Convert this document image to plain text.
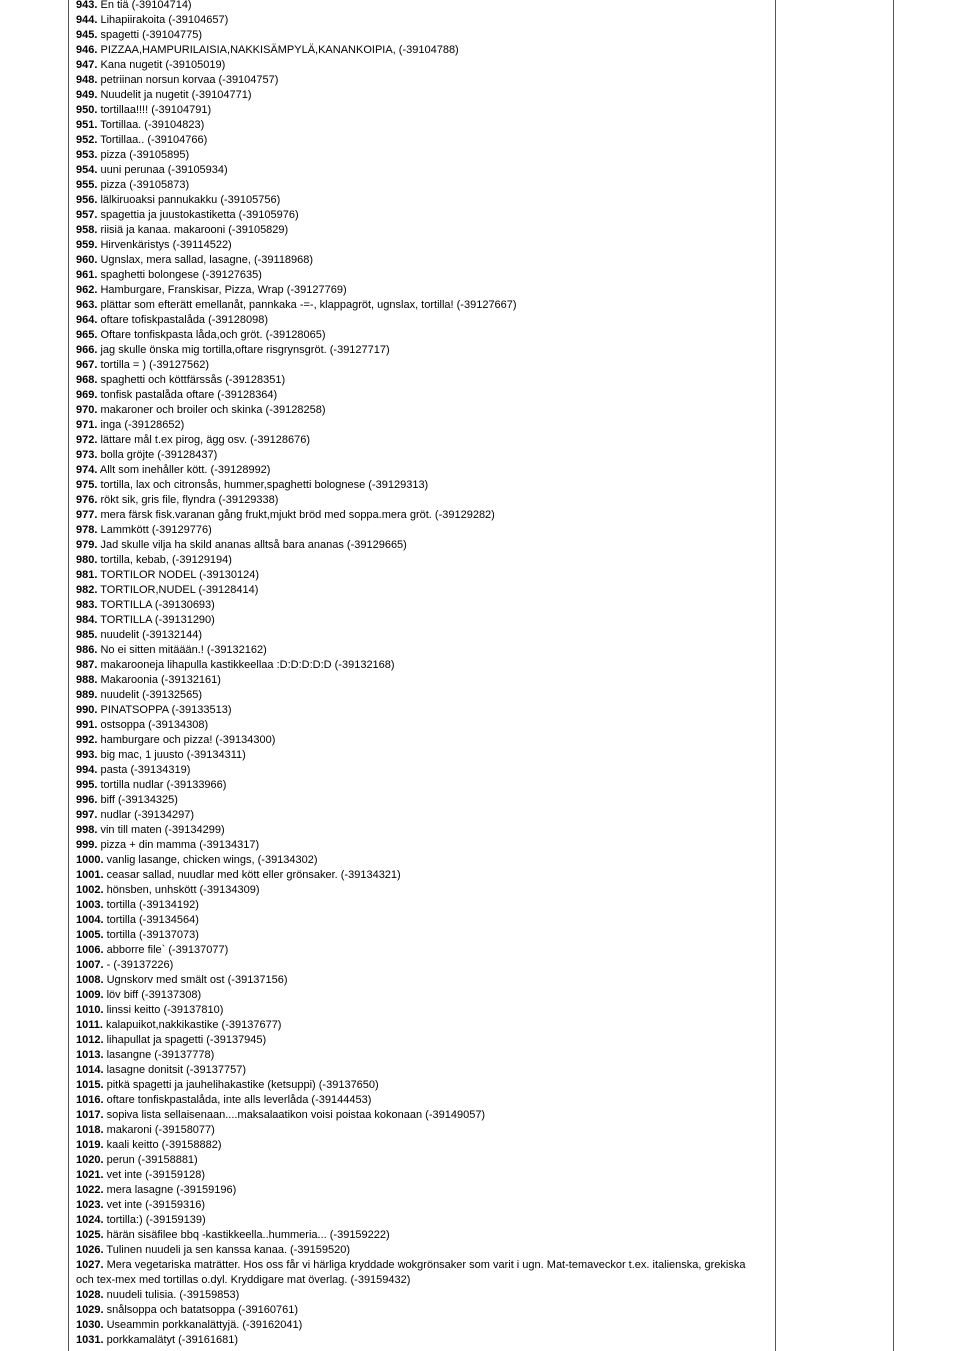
943. En tiä (-39104714)
944. Lihapiirakoita (-39104657)
945. spagetti (-39104775)
946. PIZZAA,HAMPURILAISIA,NAKKISÄMPYLÄ,KANANKOIPIA, (-39104788)
947. Kana nugetit (-39105019)
948. petriinan norsun korvaa (-39104757)
949. Nuudelit ja nugetit (-39104771)
950. tortillaa!!!! (-39104791)
951. Tortillaa. (-39104823)
952. Tortillaa.. (-39104766)
953. pizza (-39105895)
954. uuni perunaa (-39105934)
955. pizza (-39105873)
956. lälkiruoaksi pannukakku (-39105756)
957. spagettia ja juustokastiketta (-39105976)
958. riisiä ja kanaa. makarooni (-39105829)
959. Hirvenkäristys (-39114522)
960. Ugnslax, mera sallad, lasagne, (-39118968)
961. spaghetti bolongese (-39127635)
962. Hamburgare, Franskisar, Pizza, Wrap (-39127769)
963. plättar som efterätt emellanåt, pannkaka -=-, klappagröt, ugnslax, tortilla! (-39127667)
964. oftare tofiskpastalåda (-39128098)
965. Oftare tonfiskpasta låda,och gröt. (-39128065)
966. jag skulle önska mig tortilla,oftare risgrynsgröt. (-39127717)
967. tortilla = ) (-39127562)
968. spaghetti och köttfärssås (-39128351)
969. tonfisk pastalåda oftare (-39128364)
970. makaroner och broiler och skinka (-39128258)
971. inga (-39128652)
972. lättare mål t.ex pirog, ägg osv. (-39128676)
973. bolla gröjte (-39128437)
974. Allt som inehåller kött. (-39128992)
975. tortilla, lax och citronsås, hummer,spaghetti bolognese (-39129313)
976. rökt sik, gris file, flyndra (-39129338)
977. mera färsk fisk.varanan gång frukt,mjukt bröd med soppa.mera gröt. (-39129282)
978. Lammkött (-39129776)
979. Jad skulle vilja ha skild ananas alltså bara ananas (-39129665)
980. tortilla, kebab, (-39129194)
981. TORTILOR NODEL (-39130124)
982. TORTILOR,NUDEL (-39128414)
983. TORTILLA (-39130693)
984. TORTILLA (-39131290)
985. nuudelit (-39132144)
986. No ei sitten mitäään.! (-39132162)
987. makarooneja lihapulla kastikkeellaa :D:D:D:D:D (-39132168)
988. Makaroonia (-39132161)
989. nuudelit (-39132565)
990. PINATSOPPA (-39133513)
991. ostsoppa (-39134308)
992. hamburgare och pizza! (-39134300)
993. big mac, 1 juusto (-39134311)
994. pasta (-39134319)
995. tortilla nudlar (-39133966)
996. biff (-39134325)
997. nudlar (-39134297)
998. vin till maten (-39134299)
999. pizza + din mamma (-39134317)
1000. vanlig lasange, chicken wings, (-39134302)
1001. ceasar sallad, nuudlar med kött eller grönsaker. (-39134321)
1002. hönsben, unhskött (-39134309)
1003. tortilla (-39134192)
1004. tortilla (-39134564)
1005. tortilla (-39137073)
1006. abborre file` (-39137077)
1007. - (-39137226)
1008. Ugnskorv med smält ost (-39137156)
1009. löv biff (-39137308)
1010. linssi keitto (-39137810)
1011. kalapuikot,nakkikastike (-39137677)
1012. lihapullat ja spagetti (-39137945)
1013. lasangne (-39137778)
1014. lasagne donitsit (-39137757)
1015. pitkä spagetti ja jauhelihakastike (ketsuppi) (-39137650)
1016. oftare tonfiskpastalåda, inte alls leverlåda (-39144453)
1017. sopiva lista sellaisenaan....maksalaatikon voisi poistaa kokonaan (-39149057)
1018. makaroni (-39158077)
1019. kaali keitto (-39158882)
1020. perun (-39158881)
1021. vet inte (-39159128)
1022. mera lasagne (-39159196)
1023. vet inte (-39159316)
1024. tortilla:) (-39159139)
1025. härän sisäfilee bbq -kastikkeella..hummeria... (-39159222)
1026. Tulinen nuudeli ja sen kanssa kanaa. (-39159520)
1027. Mera vegetariska maträtter. Hos oss får vi härliga kryddade wokgrönsaker som varit i ugn. Mat-temaveckor t.ex. italienska, grekiska och tex-mex med tortillas o.dyl. Kryddigare mat överlag. (-39159432)
1028. nuudeli tulisia. (-39159853)
1029. snålsoppa och batatsoppa (-39160761)
1030. Useammin porkkanalättyjä. (-39162041)
1031. porkkamalätyt (-39161681)
